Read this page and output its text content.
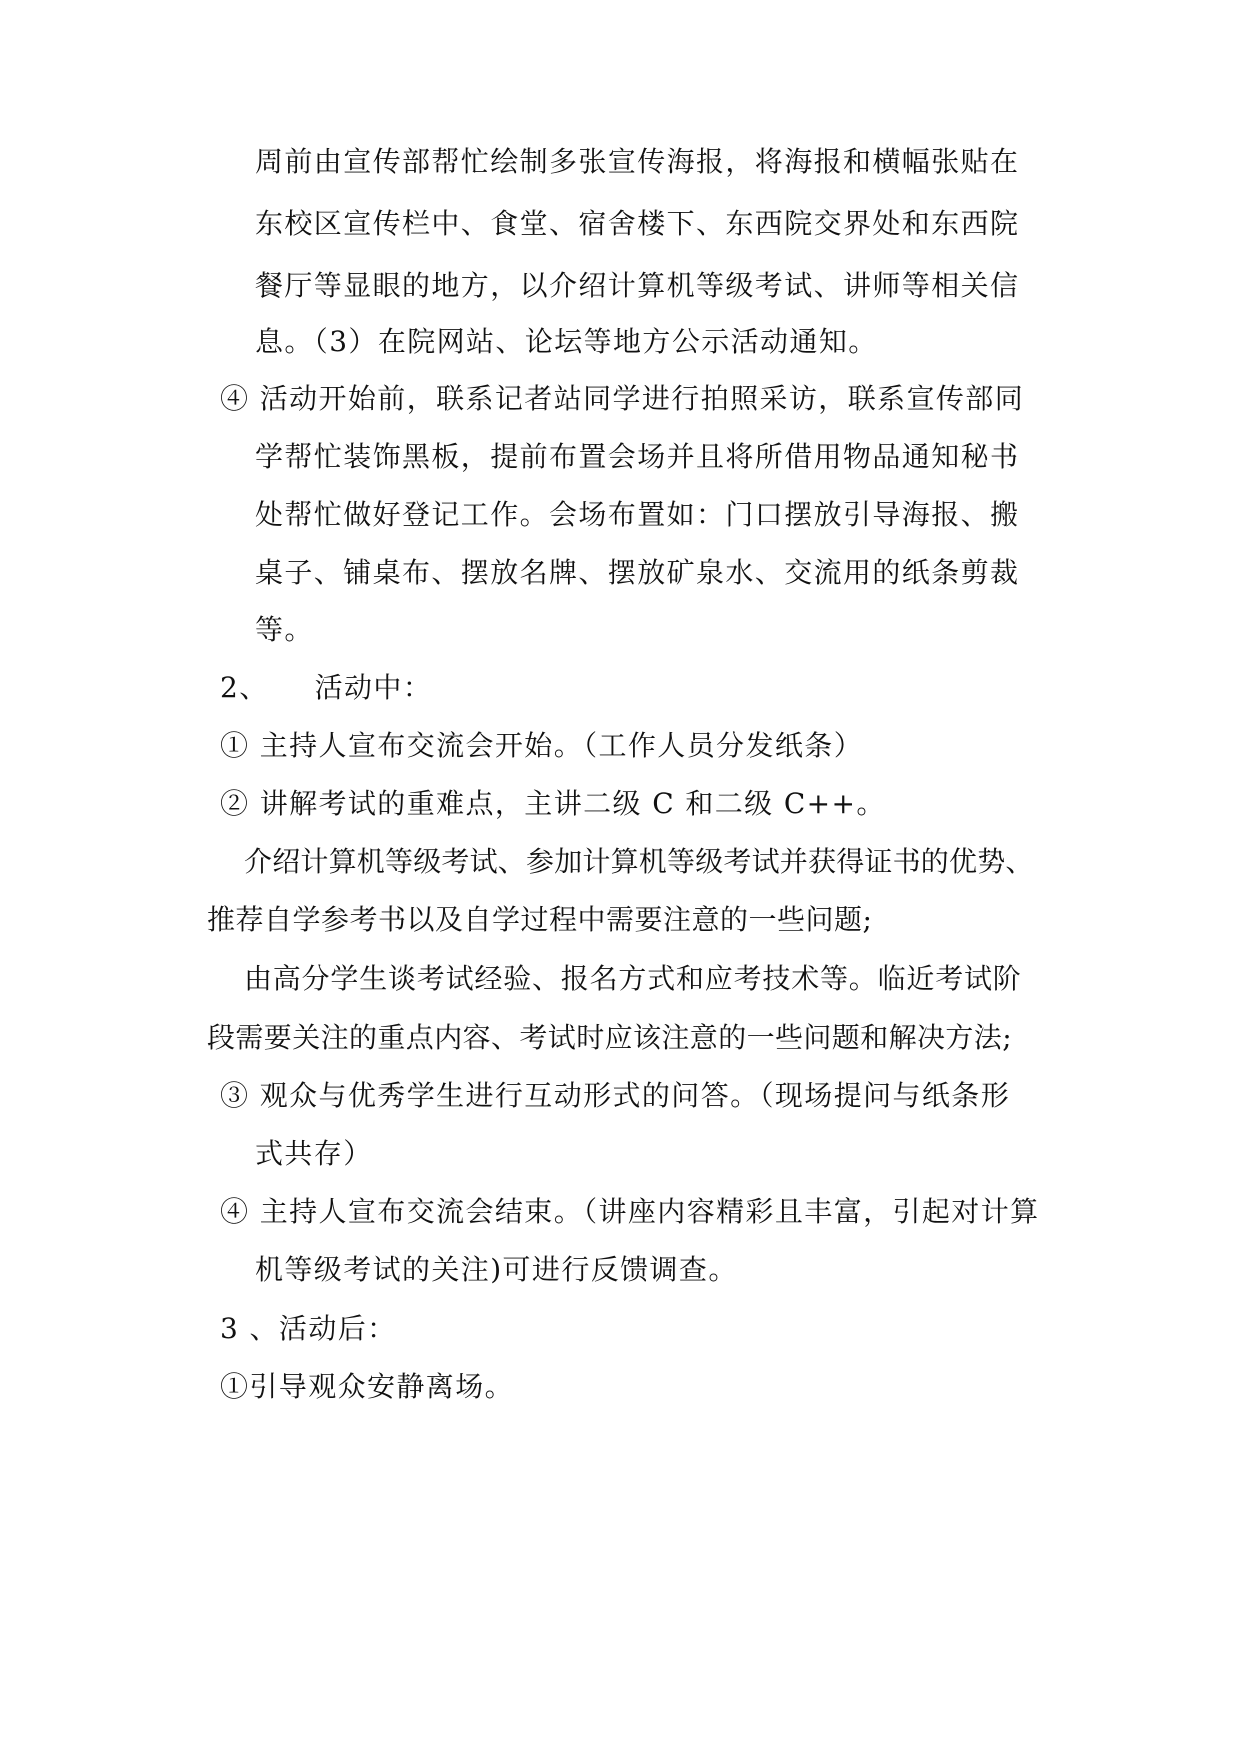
周前由宣传部帮忙绘制多张宣传海报，将海报和横幅张贴在
东校区宣传栏中、食堂、宿舍楼下、东西院交界处和东西院
餐厅等显眼的地方，以介绍计算机等级考试、讲师等相关信
息。（3）在院网站、论坛等地方公示活动通知。
④ 活动开始前，联系记者站同学进行拍照采访，联系宣传部同
学帮忙装饰黑板，提前布置会场并且将所借用物品通知秘书
处帮忙做好登记工作。会场布置如：门口摆放引导海报、搬
桌子、铺桌布、摆放名牌、摆放矿泉水、交流用的纸条剪裁
等。
2、 活动中：
① 主持人宣布交流会开始。（工作人员分发纸条）
② 讲解考试的重难点，主讲二级 C 和二级 C++。
介绍计算机等级考试、参加计算机等级考试并获得证书的优势、
推荐自学参考书以及自学过程中需要注意的一些问题;
由高分学生谈考试经验、报名方式和应考技术等。临近考试阶
段需要关注的重点内容、考试时应该注意的一些问题和解决方法;
③ 观众与优秀学生进行互动形式的问答。（现场提问与纸条形
式共存）
④ 主持人宣布交流会结束。（讲座内容精彩且丰富，引起对计算
机等级考试的关注)可进行反馈调查。
3 、活动后：
①引导观众安静离场。
